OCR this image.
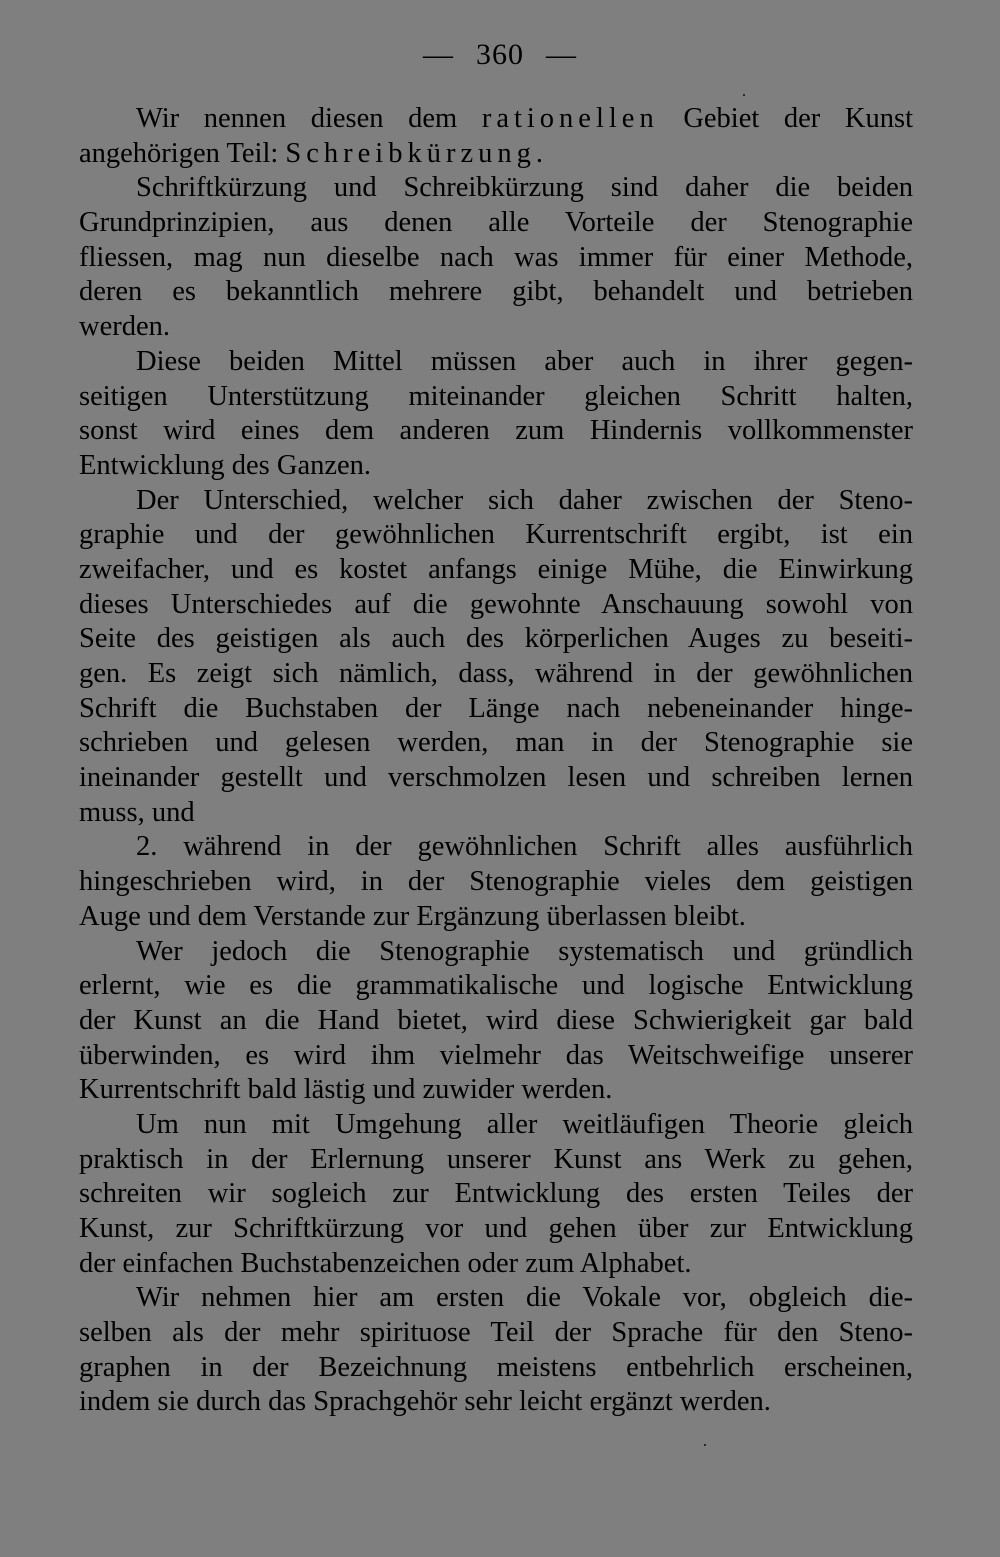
— 360 —
Wir nennen diesen dem rationellen Gebiet der Kunst
angehörigen Teil: Schreibkürzung.
Schriftkürzung und Schreibkürzung sind daher die beiden
Grundprinzipien, aus denen alle Vorteile der Stenographie
fliessen, mag nun dieselbe nach was immer für einer Methode,
deren es bekanntlich mehrere gibt, behandelt und betrieben
werden.
Diese beiden Mittel müssen aber auch in ihrer gegen-
seitigen Unterstützung miteinander gleichen Schritt halten,
sonst wird eines dem anderen zum Hindernis vollkommenster
Entwicklung des Ganzen.
Der Unterschied, welcher sich daher zwischen der Steno-
graphie und der gewöhnlichen Kurrentschrift ergibt, ist ein
zweifacher, und es kostet anfangs einige Mühe, die Einwirkung
dieses Unterschiedes auf die gewohnte Anschauung sowohl von
Seite des geistigen als auch des körperlichen Auges zu beseiti-
gen. Es zeigt sich nämlich, dass, während in der gewöhnlichen
Schrift die Buchstaben der Länge nach nebeneinander hinge-
schrieben und gelesen werden, man in der Stenographie sie
ineinander gestellt und verschmolzen lesen und schreiben lernen
muss, und
2. während in der gewöhnlichen Schrift alles ausführlich
hingeschrieben wird, in der Stenographie vieles dem geistigen
Auge und dem Verstande zur Ergänzung überlassen bleibt.
Wer jedoch die Stenographie systematisch und gründlich
erlernt, wie es die grammatikalische und logische Entwicklung
der Kunst an die Hand bietet, wird diese Schwierigkeit gar bald
überwinden, es wird ihm vielmehr das Weitschweifige unserer
Kurrentschrift bald lästig und zuwider werden.
Um nun mit Umgehung aller weitläufigen Theorie gleich
praktisch in der Erlernung unserer Kunst ans Werk zu gehen,
schreiten wir sogleich zur Entwicklung des ersten Teiles der
Kunst, zur Schriftkürzung vor und gehen über zur Entwicklung
der einfachen Buchstabenzeichen oder zum Alphabet.
Wir nehmen hier am ersten die Vokale vor, obgleich die-
selben als der mehr spirituose Teil der Sprache für den Steno-
graphen in der Bezeichnung meistens entbehrlich erscheinen,
indem sie durch das Sprachgehör sehr leicht ergänzt werden.
